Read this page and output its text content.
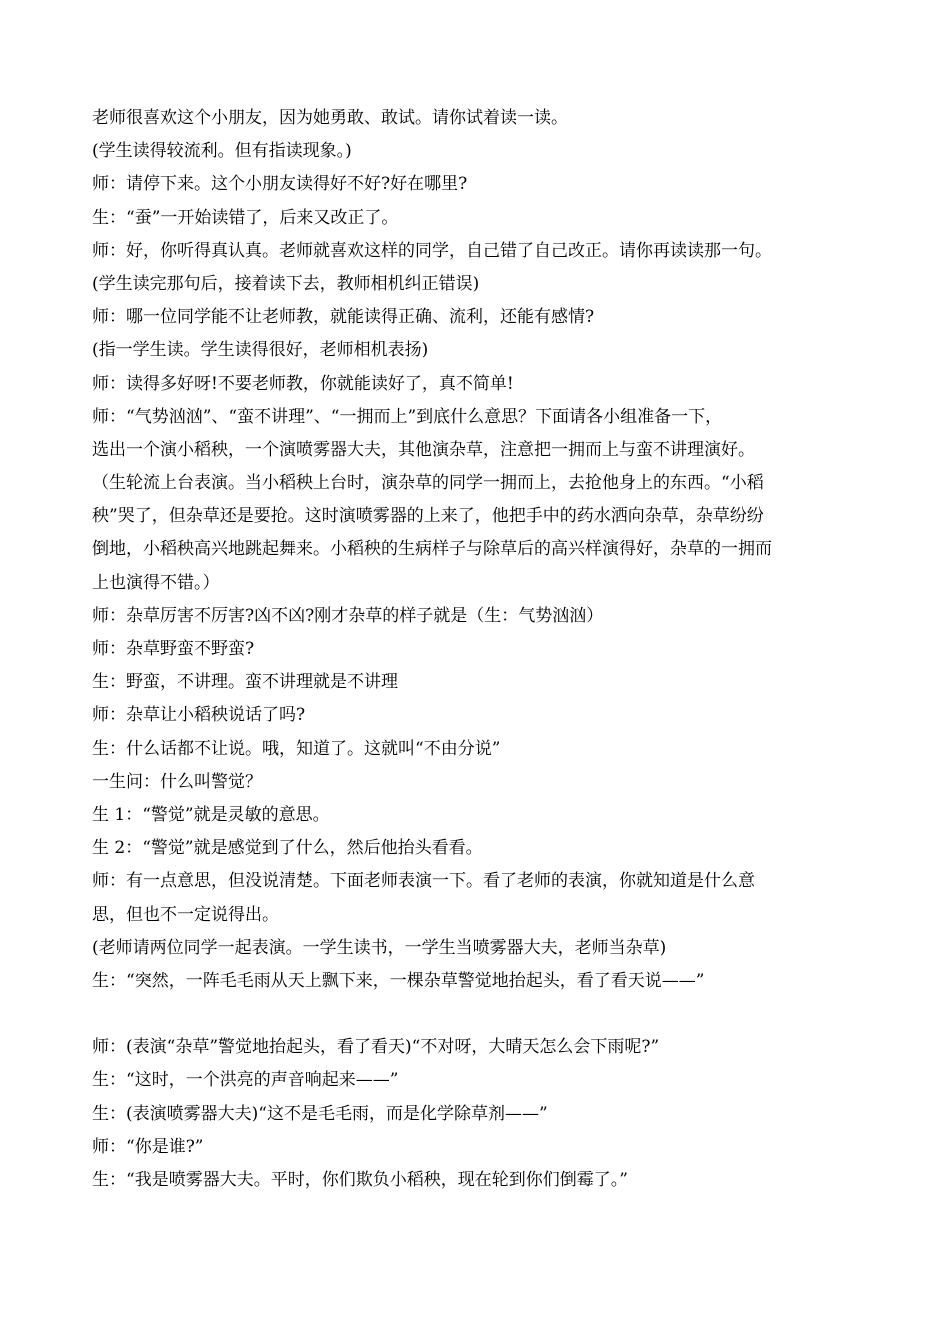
老师很喜欢这个小朋友，因为她勇敢、敢试。请你试着读一读。
(学生读得较流利。但有指读现象。)
师：请停下来。这个小朋友读得好不好?好在哪里?
生：“蚕”一开始读错了，后来又改正了。
师：好，你听得真认真。老师就喜欢这样的同学，自己错了自己改正。请你再读读那一句。
(学生读完那句后，接着读下去，教师相机纠正错误)
师：哪一位同学能不让老师教，就能读得正确、流利，还能有感情?
(指一学生读。学生读得很好，老师相机表扬)
师：读得多好呀!不要老师教，你就能读好了，真不简单!
师：“气势汹汹”、“蛮不讲理”、“一拥而上”到底什么意思？下面请各小组准备一下，
选出一个演小稻秧，一个演喷雾器大夫，其他演杂草，注意把一拥而上与蛮不讲理演好。
（生轮流上台表演。当小稻秧上台时，演杂草的同学一拥而上，去抢他身上的东西。“小稻
秧”哭了，但杂草还是要抢。这时演喷雾器的上来了，他把手中的药水洒向杂草，杂草纷纷
倒地，小稻秧高兴地跳起舞来。小稻秧的生病样子与除草后的高兴样演得好，杂草的一拥而
上也演得不错。）
师：杂草厉害不厉害?凶不凶?刚才杂草的样子就是（生：气势汹汹）
师：杂草野蛮不野蛮?
生：野蛮，不讲理。蛮不讲理就是不讲理
师：杂草让小稻秧说话了吗?
生：什么话都不让说。哦，知道了。这就叫“不由分说”
一生问：什么叫警觉？
生 1：“警觉”就是灵敏的意思。
生 2：“警觉”就是感觉到了什么，然后他抬头看看。
师：有一点意思，但没说清楚。下面老师表演一下。看了老师的表演，你就知道是什么意
思，但也不一定说得出。
(老师请两位同学一起表演。一学生读书，一学生当喷雾器大夫，老师当杂草)
生：“突然，一阵毛毛雨从天上飘下来，一棵杂草警觉地抬起头，看了看天说——”
师：(表演“杂草”警觉地抬起头，看了看天)“不对呀，大晴天怎么会下雨呢?”
生：“这时，一个洪亮的声音响起来——”
生：(表演喷雾器大夫)“这不是毛毛雨，而是化学除草剂——”
师：“你是谁?”
生：“我是喷雾器大夫。平时，你们欺负小稻秧，现在轮到你们倒霉了。”
